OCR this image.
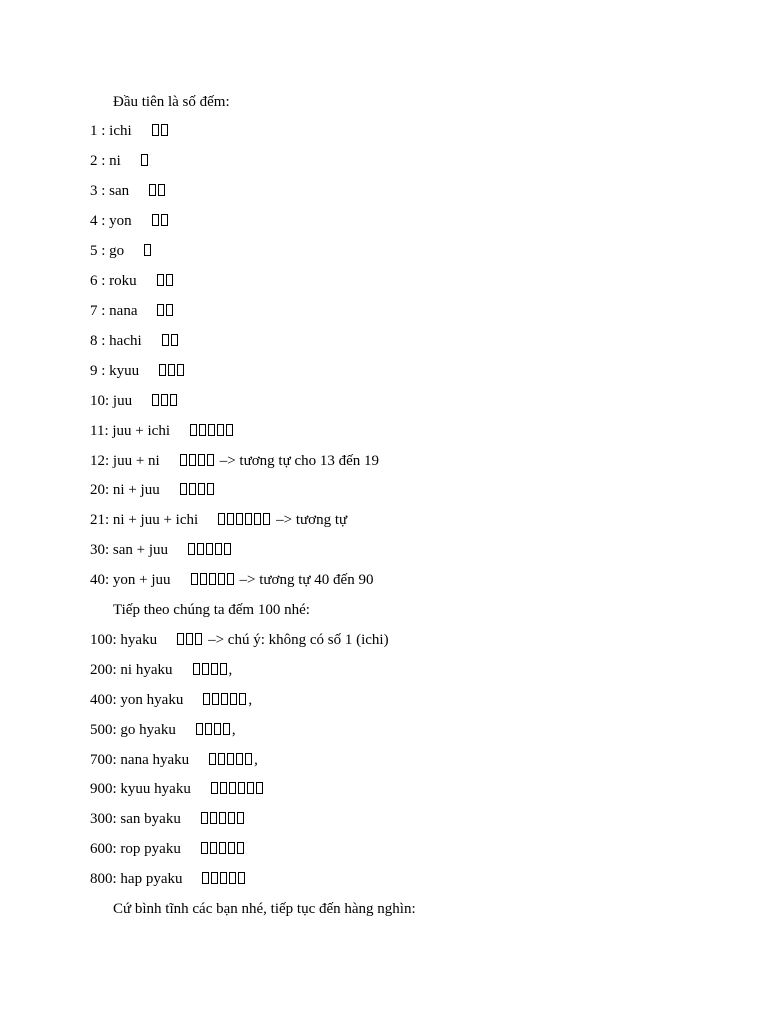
Đầu tiên là số đếm:
1 : ichi
2 : ni
3 : san
4 : yon
5 : go
6 : roku
7 : nana
8 : hachi
9 : kyuu
10: juu
11: juu + ichi
12: juu + ni	–> tương tự cho 13 đến 19
20: ni + juu
21: ni + juu + ichi	–> tương tự
30: san + juu
40: yon + juu	–> tương tự 40 đến 90
Tiếp theo chúng ta đếm 100 nhé:
100: hyaku	–> chú ý: không có số 1 (ichi)
200: ni hyaku	,
400: yon hyaku	,
500: go hyaku	,
700: nana hyaku	,
900: kyuu hyaku
300: san byaku
600: rop pyaku
800: hap pyaku
Cứ bình tĩnh các bạn nhé, tiếp tục đến hàng nghìn:
